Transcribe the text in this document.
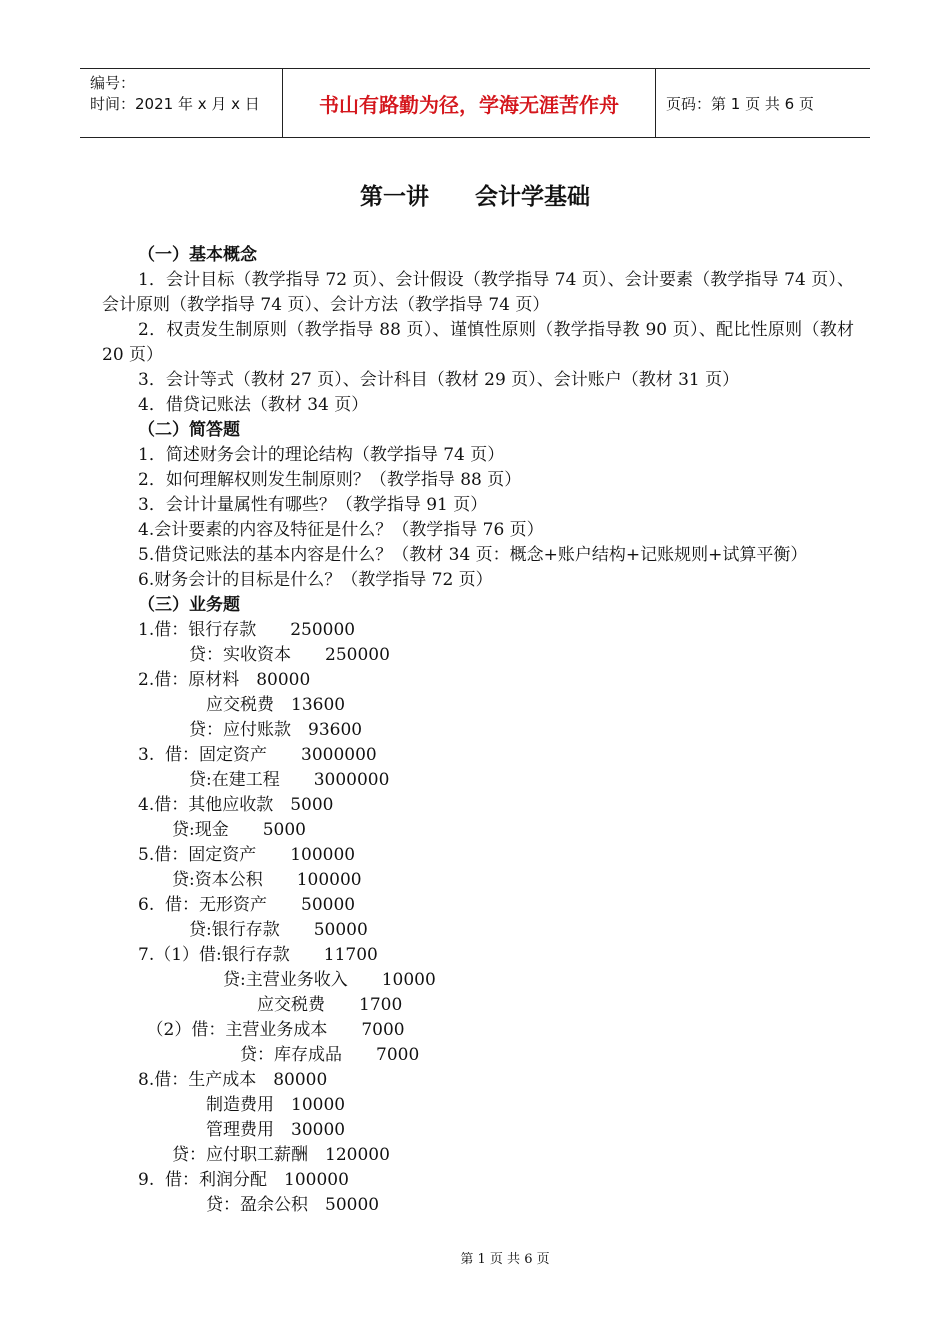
编号：
时间：2021 年 x 月 x 日	书山有路勤为径，学海无涯苦作舟	页码：第 1 页 共 6 页
第一讲　　会计学基础
（一）基本概念
1．会计目标（教学指导 72 页）、会计假设（教学指导 74 页）、会计要素（教学指导 74 页）、会计原则（教学指导 74 页）、会计方法（教学指导 74 页）
2．权责发生制原则（教学指导 88 页）、谨慎性原则（教学指导教 90 页）、配比性原则（教材 20 页）
3．会计等式（教材 27 页）、会计科目（教材 29 页）、会计账户（教材 31 页）
4．借贷记账法（教材 34 页）
（二）简答题
1．简述财务会计的理论结构（教学指导 74 页）
2．如何理解权则发生制原则？（教学指导 88 页）
3．会计计量属性有哪些？（教学指导 91 页）
4.会计要素的内容及特征是什么？（教学指导 76 页）
5.借贷记账法的基本内容是什么？（教材 34 页：概念+账户结构+记账规则+试算平衡）
6.财务会计的目标是什么？（教学指导 72 页）
（三）业务题
1.借：银行存款　　250000
　　　贷：实收资本　　250000
2.借：原材料　80000
　　　　应交税费　13600
　　　贷：应付账款　93600
3.  借：固定资产　　3000000
　　　贷:在建工程　　3000000
4.借：其他应收款　5000
　　贷:现金　　5000
5.借：固定资产　　100000
　　贷:资本公积　　100000
6.  借：无形资产　　50000
　　　贷:银行存款　　50000
7.（1）借:银行存款　　11700
　　　　　贷:主营业务收入　　10000
　　　　　　　应交税费　　1700
　（2）借：主营业务成本　　7000
　　　　　　贷：库存成品　　7000
8.借：生产成本　80000
　　　　制造费用　10000
　　　　管理费用　30000
　　贷：应付职工薪酬　120000
9.  借：利润分配　100000
　　　　贷：盈余公积　50000
第 1 页 共 6 页
